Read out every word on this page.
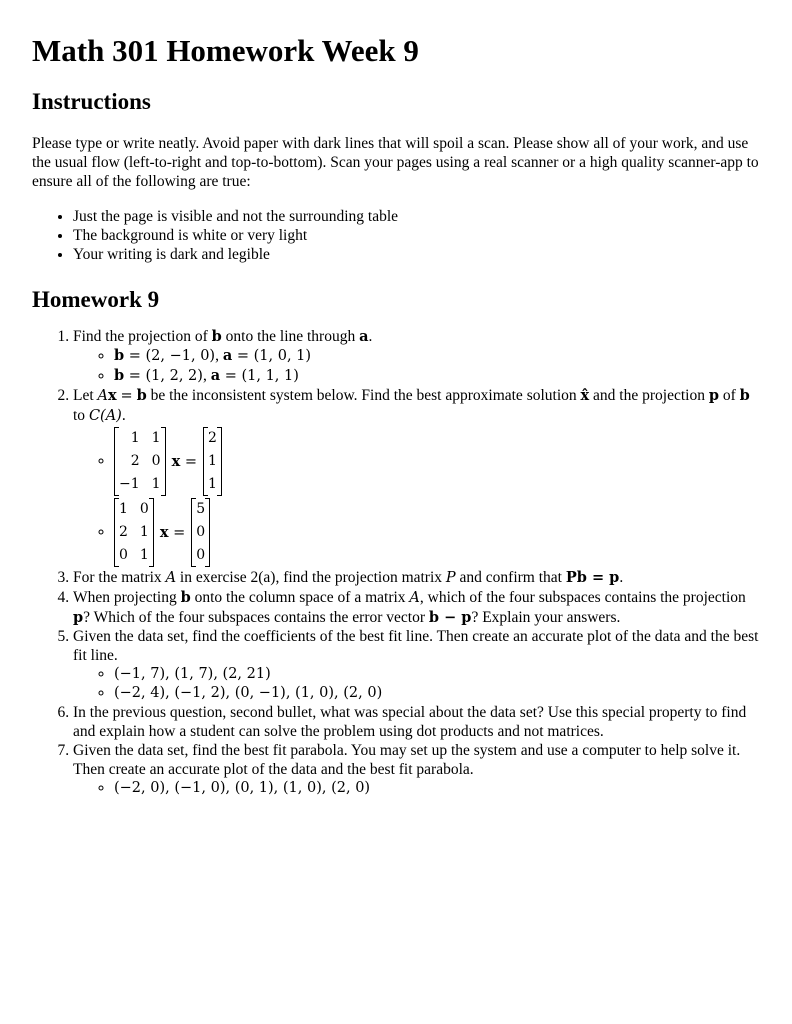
Math 301 Homework Week 9
Instructions

Please type or write neatly. Avoid paper with dark lines that will spoil a scan. Please show all of your work, and use the usual flow (left-to-right and top-to-bottom). Scan your pages using a real scanner or a high quality scanner-app to ensure all of the following are true:

• Just the page is visible and not the surrounding table
• The background is white or very light
• Your writing is dark and legible
Homework 9
1. Find the projection of b onto the line through a.
◦ b = (2, −1, 0), a = (1, 0, 1)
◦ b = (1, 2, 2), a = (1, 1, 1)
2. Let Ax = b be the inconsistent system below. Find the best approximate solution x̂ and the projection p of b to C(A).
◦ 1 1
2 0
−1 1
x =
2
1
1
◦ 1 0
2 1
0 1
x =
5
0
0
3. For the matrix A in exercise 2(a), find the projection matrix P and confirm that Pb = p.
4. When projecting b onto the column space of a matrix A, which of the four subspaces contains the projection p? Which of the four subspaces contains the error vector b − p? Explain your answers.
5. Given the data set, find the coefficients of the best fit line. Then create an accurate plot of the data and the best fit line.
◦ (−1, 7), (1, 7), (2, 21)
◦ (−2, 4), (−1, 2), (0, −1), (1, 0), (2, 0)
6. In the previous question, second bullet, what was special about the data set? Use this special property to find and explain how a student can solve the problem using dot products and not matrices.
7. Given the data set, find the best fit parabola. You may set up the system and use a computer to help solve it. Then create an accurate plot of the data and the best fit parabola.
◦ (−2, 0), (−1, 0), (0, 1), (1, 0), (2, 0)
